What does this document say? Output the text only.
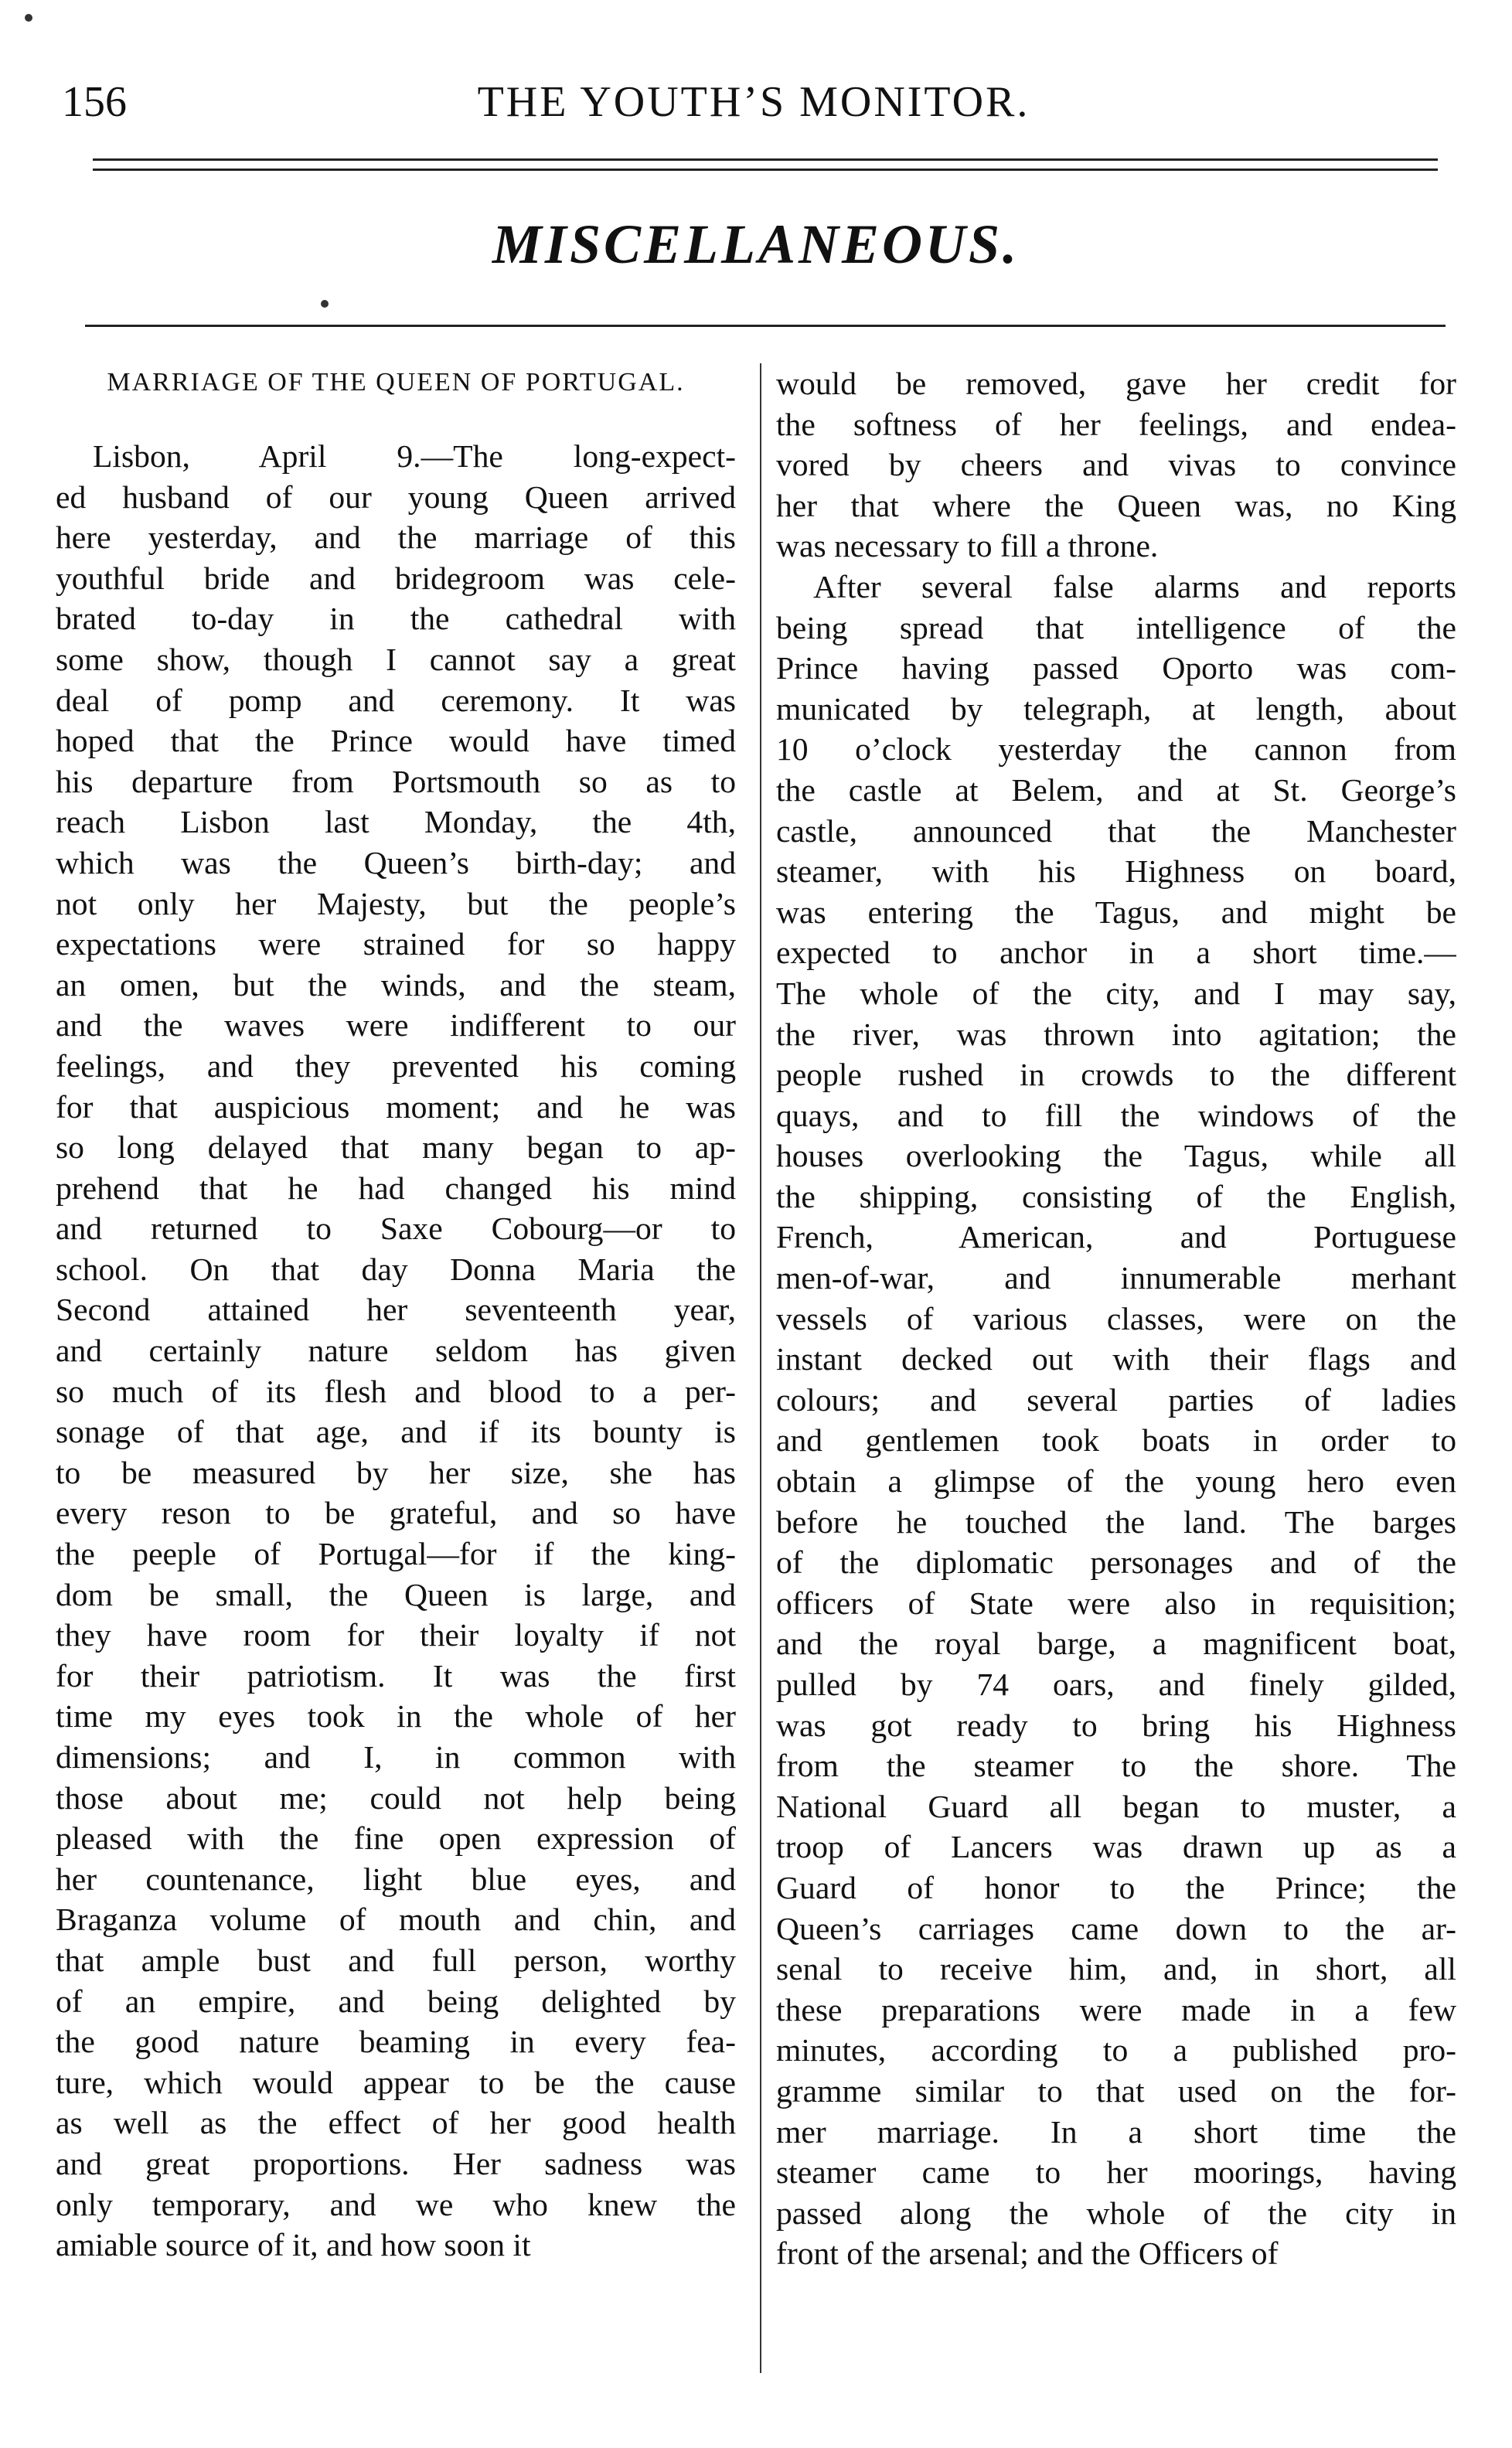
156	THE YOUTH’S MONITOR.
MISCELLANEOUS.
MARRIAGE OF THE QUEEN OF PORTUGAL.
Lisbon, April 9.—The long-expect-
ed husband of our young Queen arrived
here yesterday, and the marriage of this
youthful bride and bridegroom was cele-
brated to-day in the cathedral with
some show, though I cannot say a great
deal of pomp and ceremony. It was
hoped that the Prince would have timed
his departure from Portsmouth so as to
reach Lisbon last Monday, the 4th,
which was the Queen’s birth-day; and
not only her Majesty, but the people’s
expectations were strained for so happy
an omen, but the winds, and the steam,
and the waves were indifferent to our
feelings, and they prevented his coming
for that auspicious moment; and he was
so long delayed that many began to ap-
prehend that he had changed his mind
and returned to Saxe Cobourg—or to
school. On that day Donna Maria the
Second attained her seventeenth year,
and certainly nature seldom has given
so much of its flesh and blood to a per-
sonage of that age, and if its bounty is
to be measured by her size, she has
every reson to be grateful, and so have
the peeple of Portugal—for if the king-
dom be small, the Queen is large, and
they have room for their loyalty if not
for their patriotism. It was the first
time my eyes took in the whole of her
dimensions; and I, in common with
those about me; could not help being
pleased with the fine open expression of
her countenance, light blue eyes, and
Braganza volume of mouth and chin, and
that ample bust and full person, worthy
of an empire, and being delighted by
the good nature beaming in every fea-
ture, which would appear to be the cause
as well as the effect of her good health
and great proportions. Her sadness was
only temporary, and we who knew the
amiable source of it, and how soon it
would be removed, gave her credit for
the softness of her feelings, and endea-
vored by cheers and vivas to convince
her that where the Queen was, no King
was necessary to fill a throne.
After several false alarms and reports
being spread that intelligence of the
Prince having passed Oporto was com-
municated by telegraph, at length, about
10 o’clock yesterday the cannon from
the castle at Belem, and at St. George’s
castle, announced that the Manchester
steamer, with his Highness on board,
was entering the Tagus, and might be
expected to anchor in a short time.—
The whole of the city, and I may say,
the river, was thrown into agitation; the
people rushed in crowds to the different
quays, and to fill the windows of the
houses overlooking the Tagus, while all
the shipping, consisting of the English,
French, American, and Portuguese
men-of-war, and innumerable merhant
vessels of various classes, were on the
instant decked out with their flags and
colours; and several parties of ladies
and gentlemen took boats in order to
obtain a glimpse of the young hero even
before he touched the land. The barges
of the diplomatic personages and of the
officers of State were also in requisition;
and the royal barge, a magnificent boat,
pulled by 74 oars, and finely gilded,
was got ready to bring his Highness
from the steamer to the shore. The
National Guard all began to muster, a
troop of Lancers was drawn up as a
Guard of honor to the Prince; the
Queen’s carriages came down to the ar-
senal to receive him, and, in short, all
these preparations were made in a few
minutes, according to a published pro-
gramme similar to that used on the for-
mer marriage. In a short time the
steamer came to her moorings, having
passed along the whole of the city in
front of the arsenal; and the Officers of
